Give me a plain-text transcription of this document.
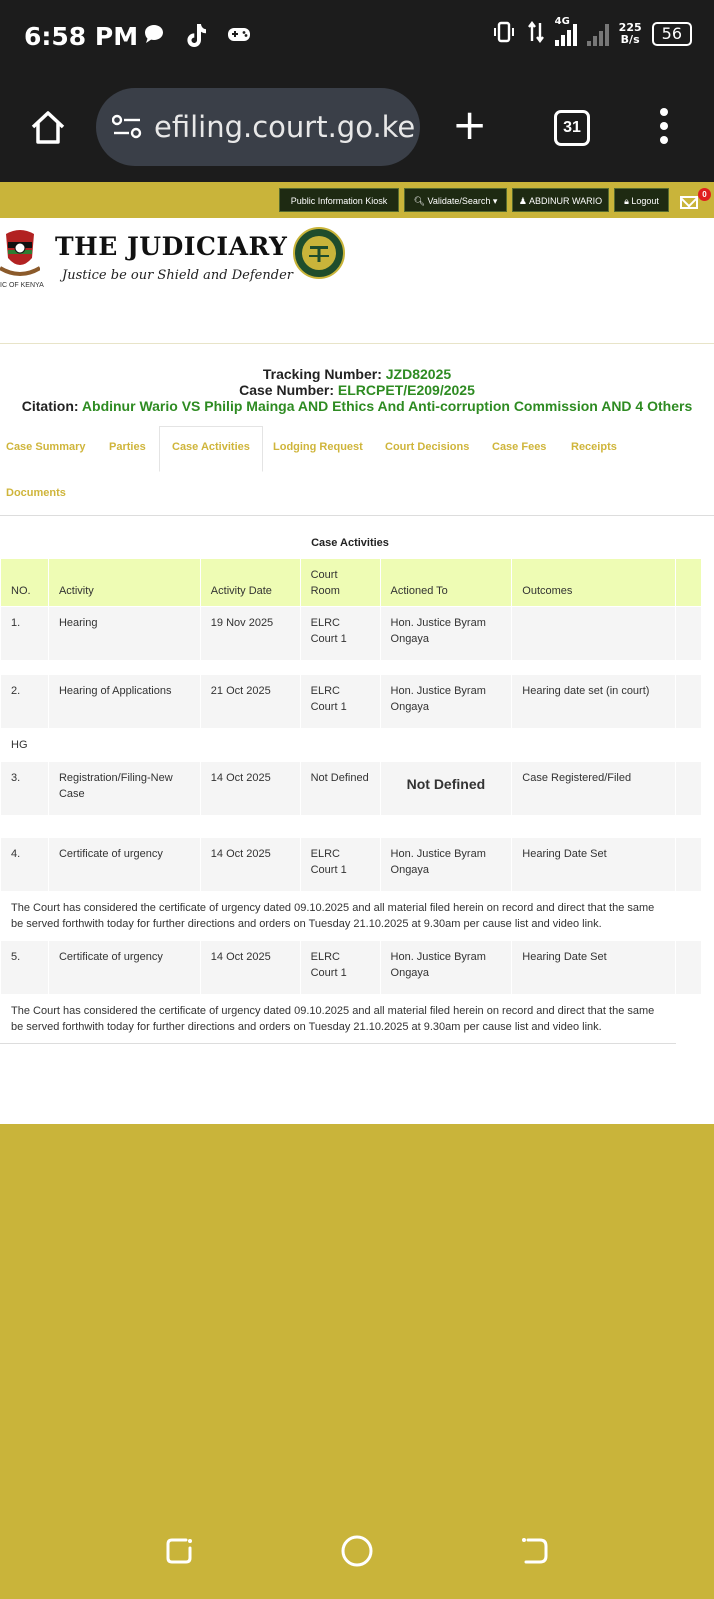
6:58 PM
4G	225
B/s	56
efiling.court.go.ke +	31
Public Information Kiosk	🔍︎ Validate/Search ▾	♟ ABDINUR WARIO	🔒︎ Logout
0
IC OF KENYA
THE JUDICIARY
Justice be our Shield and Defender
Tracking Number: JZD82025
Case Number: ELRCPET/E209/2025
Citation: Abdinur Wario VS Philip Mainga AND Ethics And Anti-corruption Commission AND 4 Others
Case Summary Parties	Case Activities	Lodging Request Court Decisions Case Fees Receipts
Documents
Case Activities
NO.	Activity	Activity Date	Court Room	Actioned To	Outcomes	
1.	Hearing	19 Nov 2025	ELRC Court 1	Hon. Justice Byram Ongaya		

2.	Hearing of Applications	21 Oct 2025	ELRC Court 1	Hon. Justice Byram Ongaya	Hearing date set (in court)	
HG						
3.	Registration/Filing-New Case	14 Oct 2025	Not Defined	Not Defined	Case Registered/Filed	

4.	Certificate of urgency	14 Oct 2025	ELRC Court 1	Hon. Justice Byram Ongaya	Hearing Date Set	
The Court has considered the certificate of urgency dated 09.10.2025 and all material filed herein on record and direct that the same be served forthwith today for further directions and orders on Tuesday 21.10.2025 at 9.30am per cause list and video link.						
5.	Certificate of urgency	14 Oct 2025	ELRC Court 1	Hon. Justice Byram Ongaya	Hearing Date Set	
The Court has considered the certificate of urgency dated 09.10.2025 and all material filed herein on record and direct that the same be served forthwith today for further directions and orders on Tuesday 21.10.2025 at 9.30am per cause list and video link.						
